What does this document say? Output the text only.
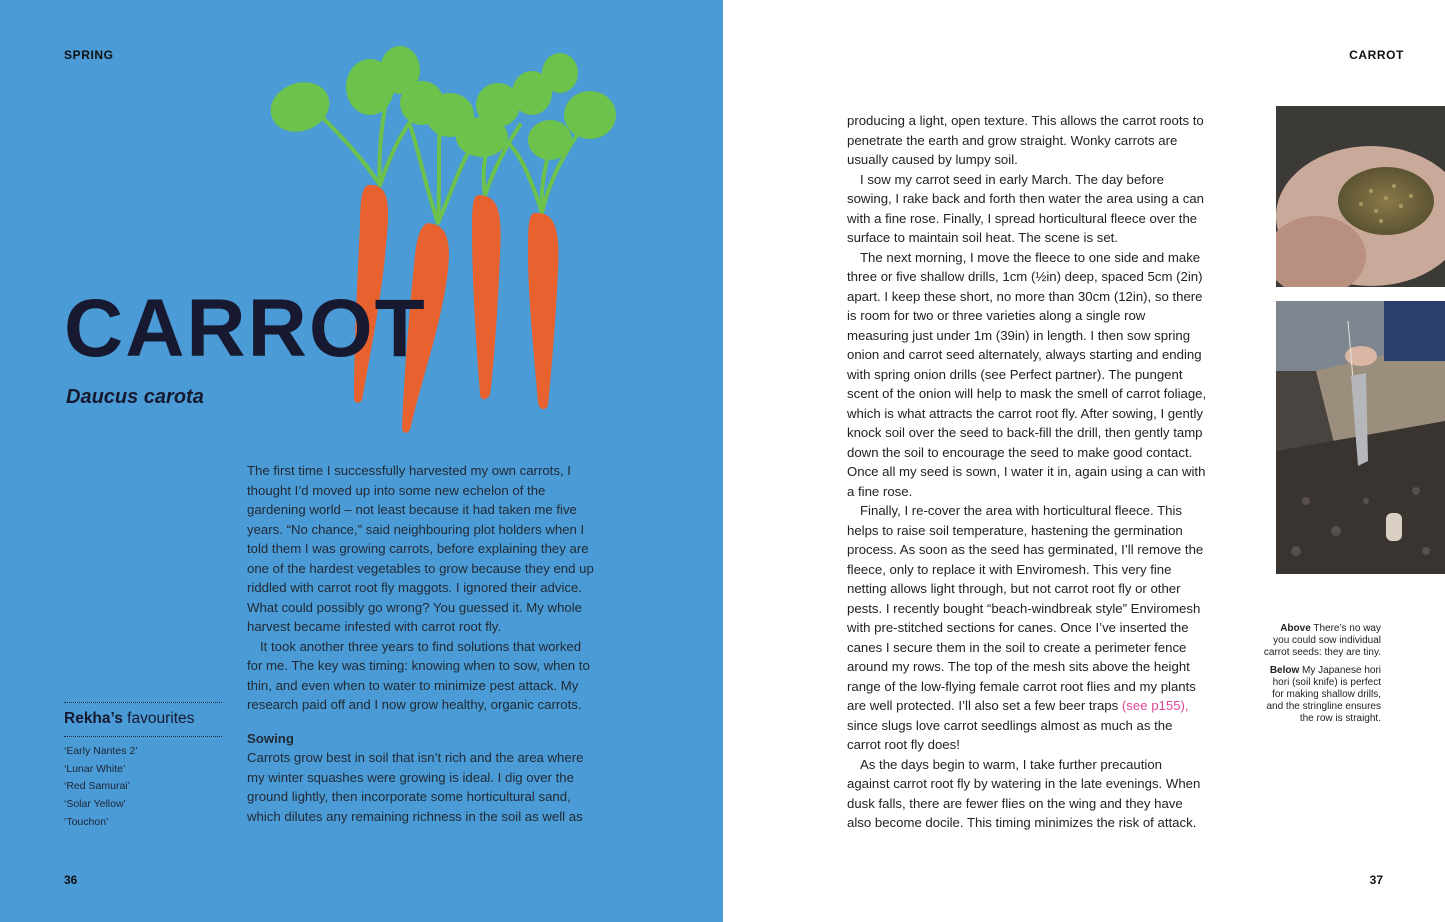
SPRING
CARROT
Daucus carota

The first time I successfully harvested my own carrots, I thought I’d moved up into some new echelon of the gardening world – not least because it had taken me five years. “No chance,” said neighbouring plot holders when I told them I was growing carrots, before explaining they are one of the hardest vegetables to grow because they end up riddled with carrot root fly maggots. I ignored their advice. What could possibly go wrong? You guessed it. My whole harvest became infested with carrot root fly.

It took another three years to find solutions that worked for me. The key was timing: knowing when to sow, when to thin, and even when to water to minimize pest attack. My research paid off and I now grow healthy, organic carrots.

Sowing

Carrots grow best in soil that isn’t rich and the area where my winter squashes were growing is ideal. I dig over the ground lightly, then incorporate some horticultural sand, which dilutes any remaining richness in the soil as well as

Rekha’s favourites
‘Early Nantes 2’
‘Lunar White’
‘Red Samurai’
‘Solar Yellow’
‘Touchon’
36
CARROT
37

producing a light, open texture. This allows the carrot roots to penetrate the earth and grow straight. Wonky carrots are usually caused by lumpy soil.

I sow my carrot seed in early March. The day before sowing, I rake back and forth then water the area using a can with a fine rose. Finally, I spread horticultural fleece over the surface to maintain soil heat. The scene is set.

The next morning, I move the fleece to one side and make three or five shallow drills, 1cm (½in) deep, spaced 5cm (2in) apart. I keep these short, no more than 30cm (12in), so there is room for two or three varieties along a single row measuring just under 1m (39in) in length. I then sow spring onion and carrot seed alternately, always starting and ending with spring onion drills (see Perfect partner). The pungent scent of the onion will help to mask the smell of carrot foliage, which is what attracts the carrot root fly. After sowing, I gently knock soil over the seed to back-fill the drill, then gently tamp down the soil to encourage the seed to make good contact. Once all my seed is sown, I water it in, again using a can with a fine rose.

Finally, I re-cover the area with horticultural fleece. This helps to raise soil temperature, hastening the germination process. As soon as the seed has germinated, I’ll remove the fleece, only to replace it with Enviromesh. This very fine netting allows light through, but not carrot root fly or other pests. I recently bought “beach-windbreak style” Enviromesh with pre-stitched sections for canes. Once I’ve inserted the canes I secure them in the soil to create a perimeter fence around my rows. The top of the mesh sits above the height range of the low-flying female carrot root flies and my plants are well protected. I’ll also set a few beer traps (see p155), since slugs love carrot seedlings almost as much as the carrot root fly does!

As the days begin to warm, I take further precaution against carrot root fly by watering in the late evenings. When dusk falls, there are fewer flies on the wing and they have also become docile. This timing minimizes the risk of attack.

Above There’s no way you could sow individual carrot seeds: they are tiny.

Below My Japanese hori hori (soil knife) is perfect for making shallow drills, and the stringline ensures the row is straight.
